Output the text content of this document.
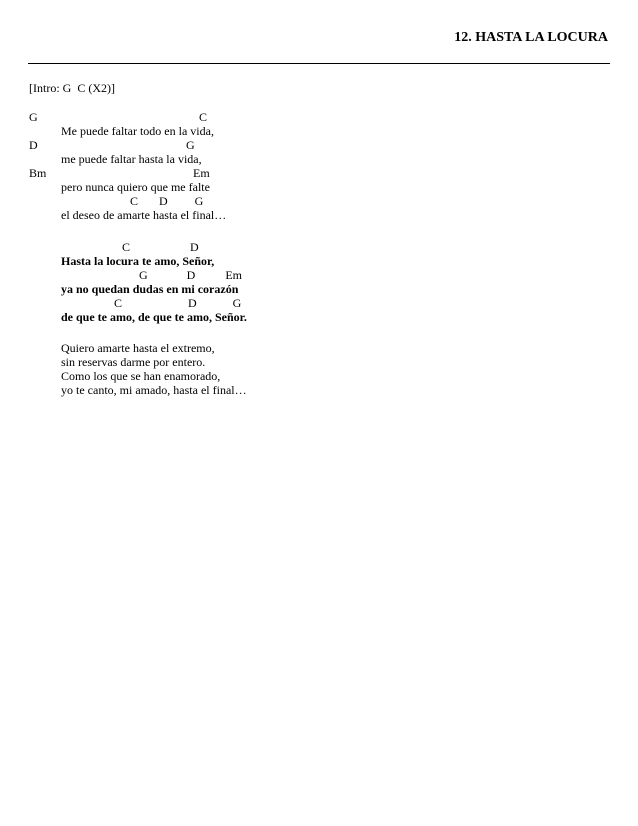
12. HASTA LA LOCURA
[Intro: G  C (X2)]
G	C
Me puede faltar todo en la vida,
D	G
me puede faltar hasta la vida,
Bm	Em
pero nunca quiero que me falte
C       D         G
el deseo de amarte hasta el final…
C                    D
Hasta la locura te amo, Señor,
G             D          Em
ya no quedan dudas en mi corazón
C                      D            G
de que te amo, de que te amo, Señor.
Quiero amarte hasta el extremo,
sin reservas darme por entero.
Como los que se han enamorado,
yo te canto, mi amado, hasta el final…
